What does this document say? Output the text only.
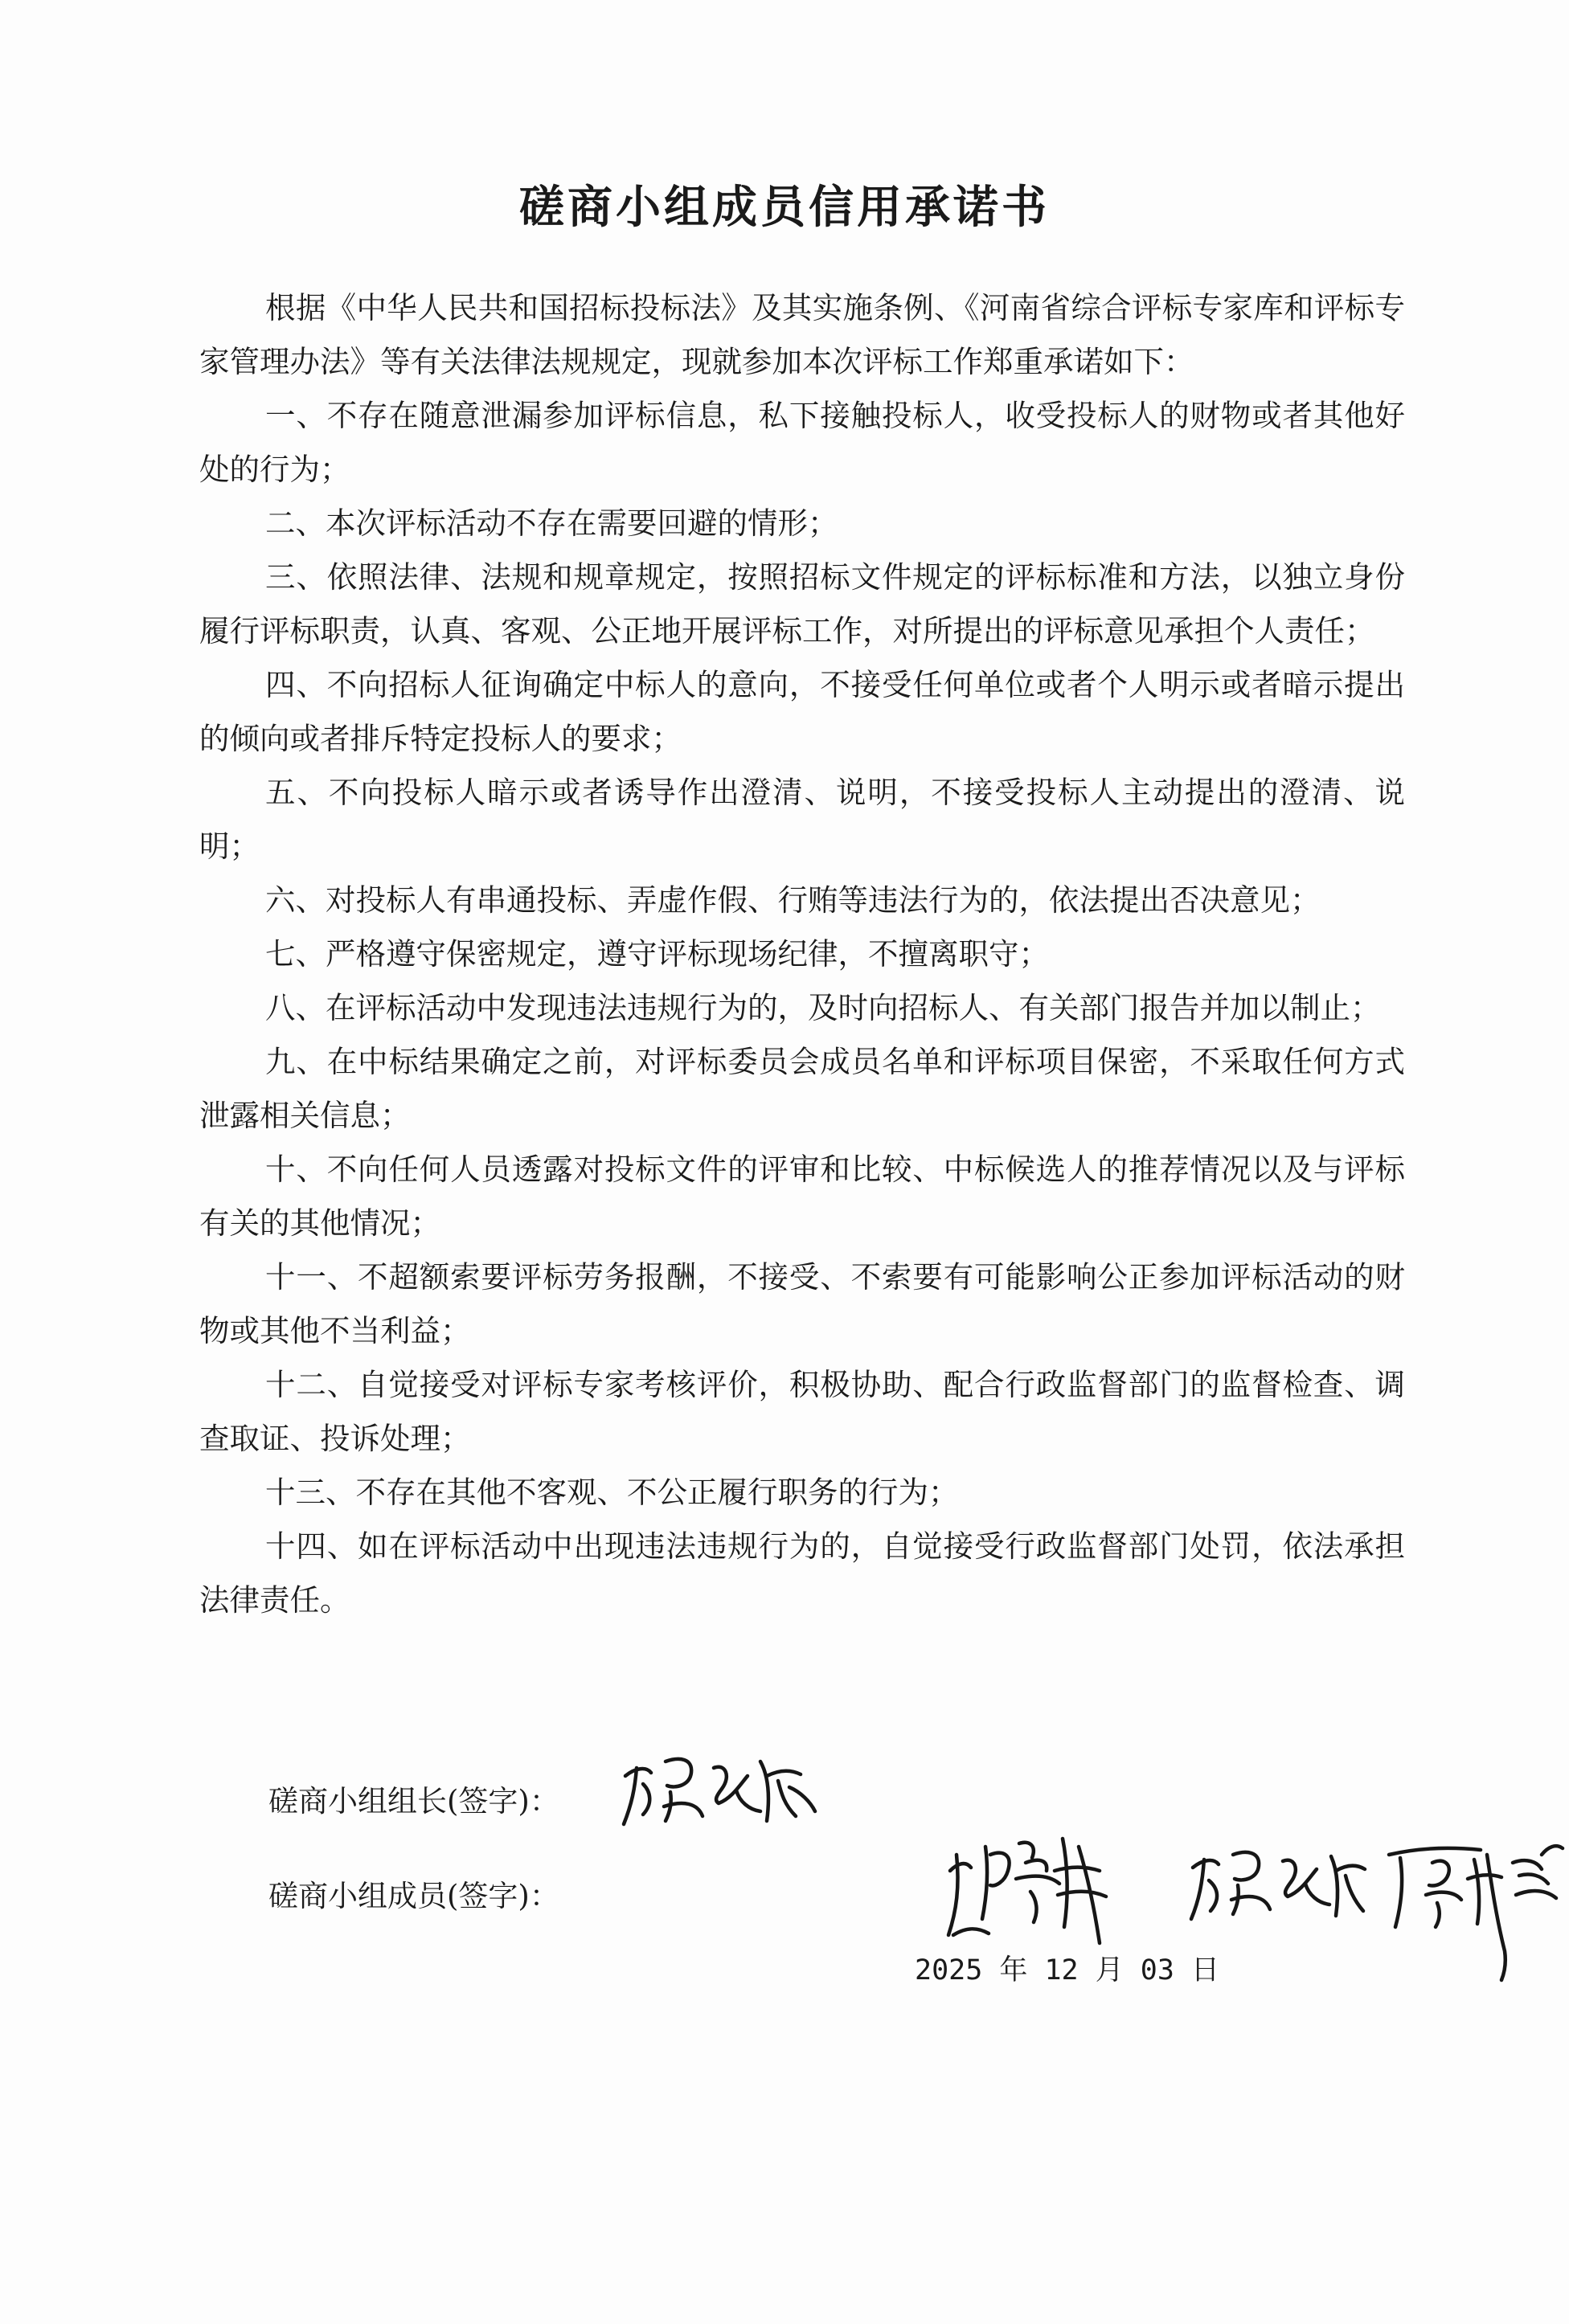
磋商小组成员信用承诺书

根据《中华人民共和国招标投标法》及其实施条例、《河南省综合评标专家库和评标专家管理办法》等有关法律法规规定，现就参加本次评标工作郑重承诺如下：

一、不存在随意泄漏参加评标信息，私下接触投标人，收受投标人的财物或者其他好处的行为；

二、本次评标活动不存在需要回避的情形；

三、依照法律、法规和规章规定，按照招标文件规定的评标标准和方法，以独立身份履行评标职责，认真、客观、公正地开展评标工作，对所提出的评标意见承担个人责任；

四、不向招标人征询确定中标人的意向，不接受任何单位或者个人明示或者暗示提出的倾向或者排斥特定投标人的要求；

五、不向投标人暗示或者诱导作出澄清、说明，不接受投标人主动提出的澄清、说明；

六、对投标人有串通投标、弄虚作假、行贿等违法行为的，依法提出否决意见；

七、严格遵守保密规定，遵守评标现场纪律，不擅离职守；

八、在评标活动中发现违法违规行为的，及时向招标人、有关部门报告并加以制止；

九、在中标结果确定之前，对评标委员会成员名单和评标项目保密，不采取任何方式泄露相关信息；

十、不向任何人员透露对投标文件的评审和比较、中标候选人的推荐情况以及与评标有关的其他情况；

十一、不超额索要评标劳务报酬，不接受、不索要有可能影响公正参加评标活动的财物或其他不当利益；

十二、自觉接受对评标专家考核评价，积极协助、配合行政监督部门的监督检查、调查取证、投诉处理；

十三、不存在其他不客观、不公正履行职务的行为；

十四、如在评标活动中出现违法违规行为的，自觉接受行政监督部门处罚，依法承担法律责任。

磋商小组组长(签字)：
磋商小组成员(签字)：
2025 年 12 月 03 日
